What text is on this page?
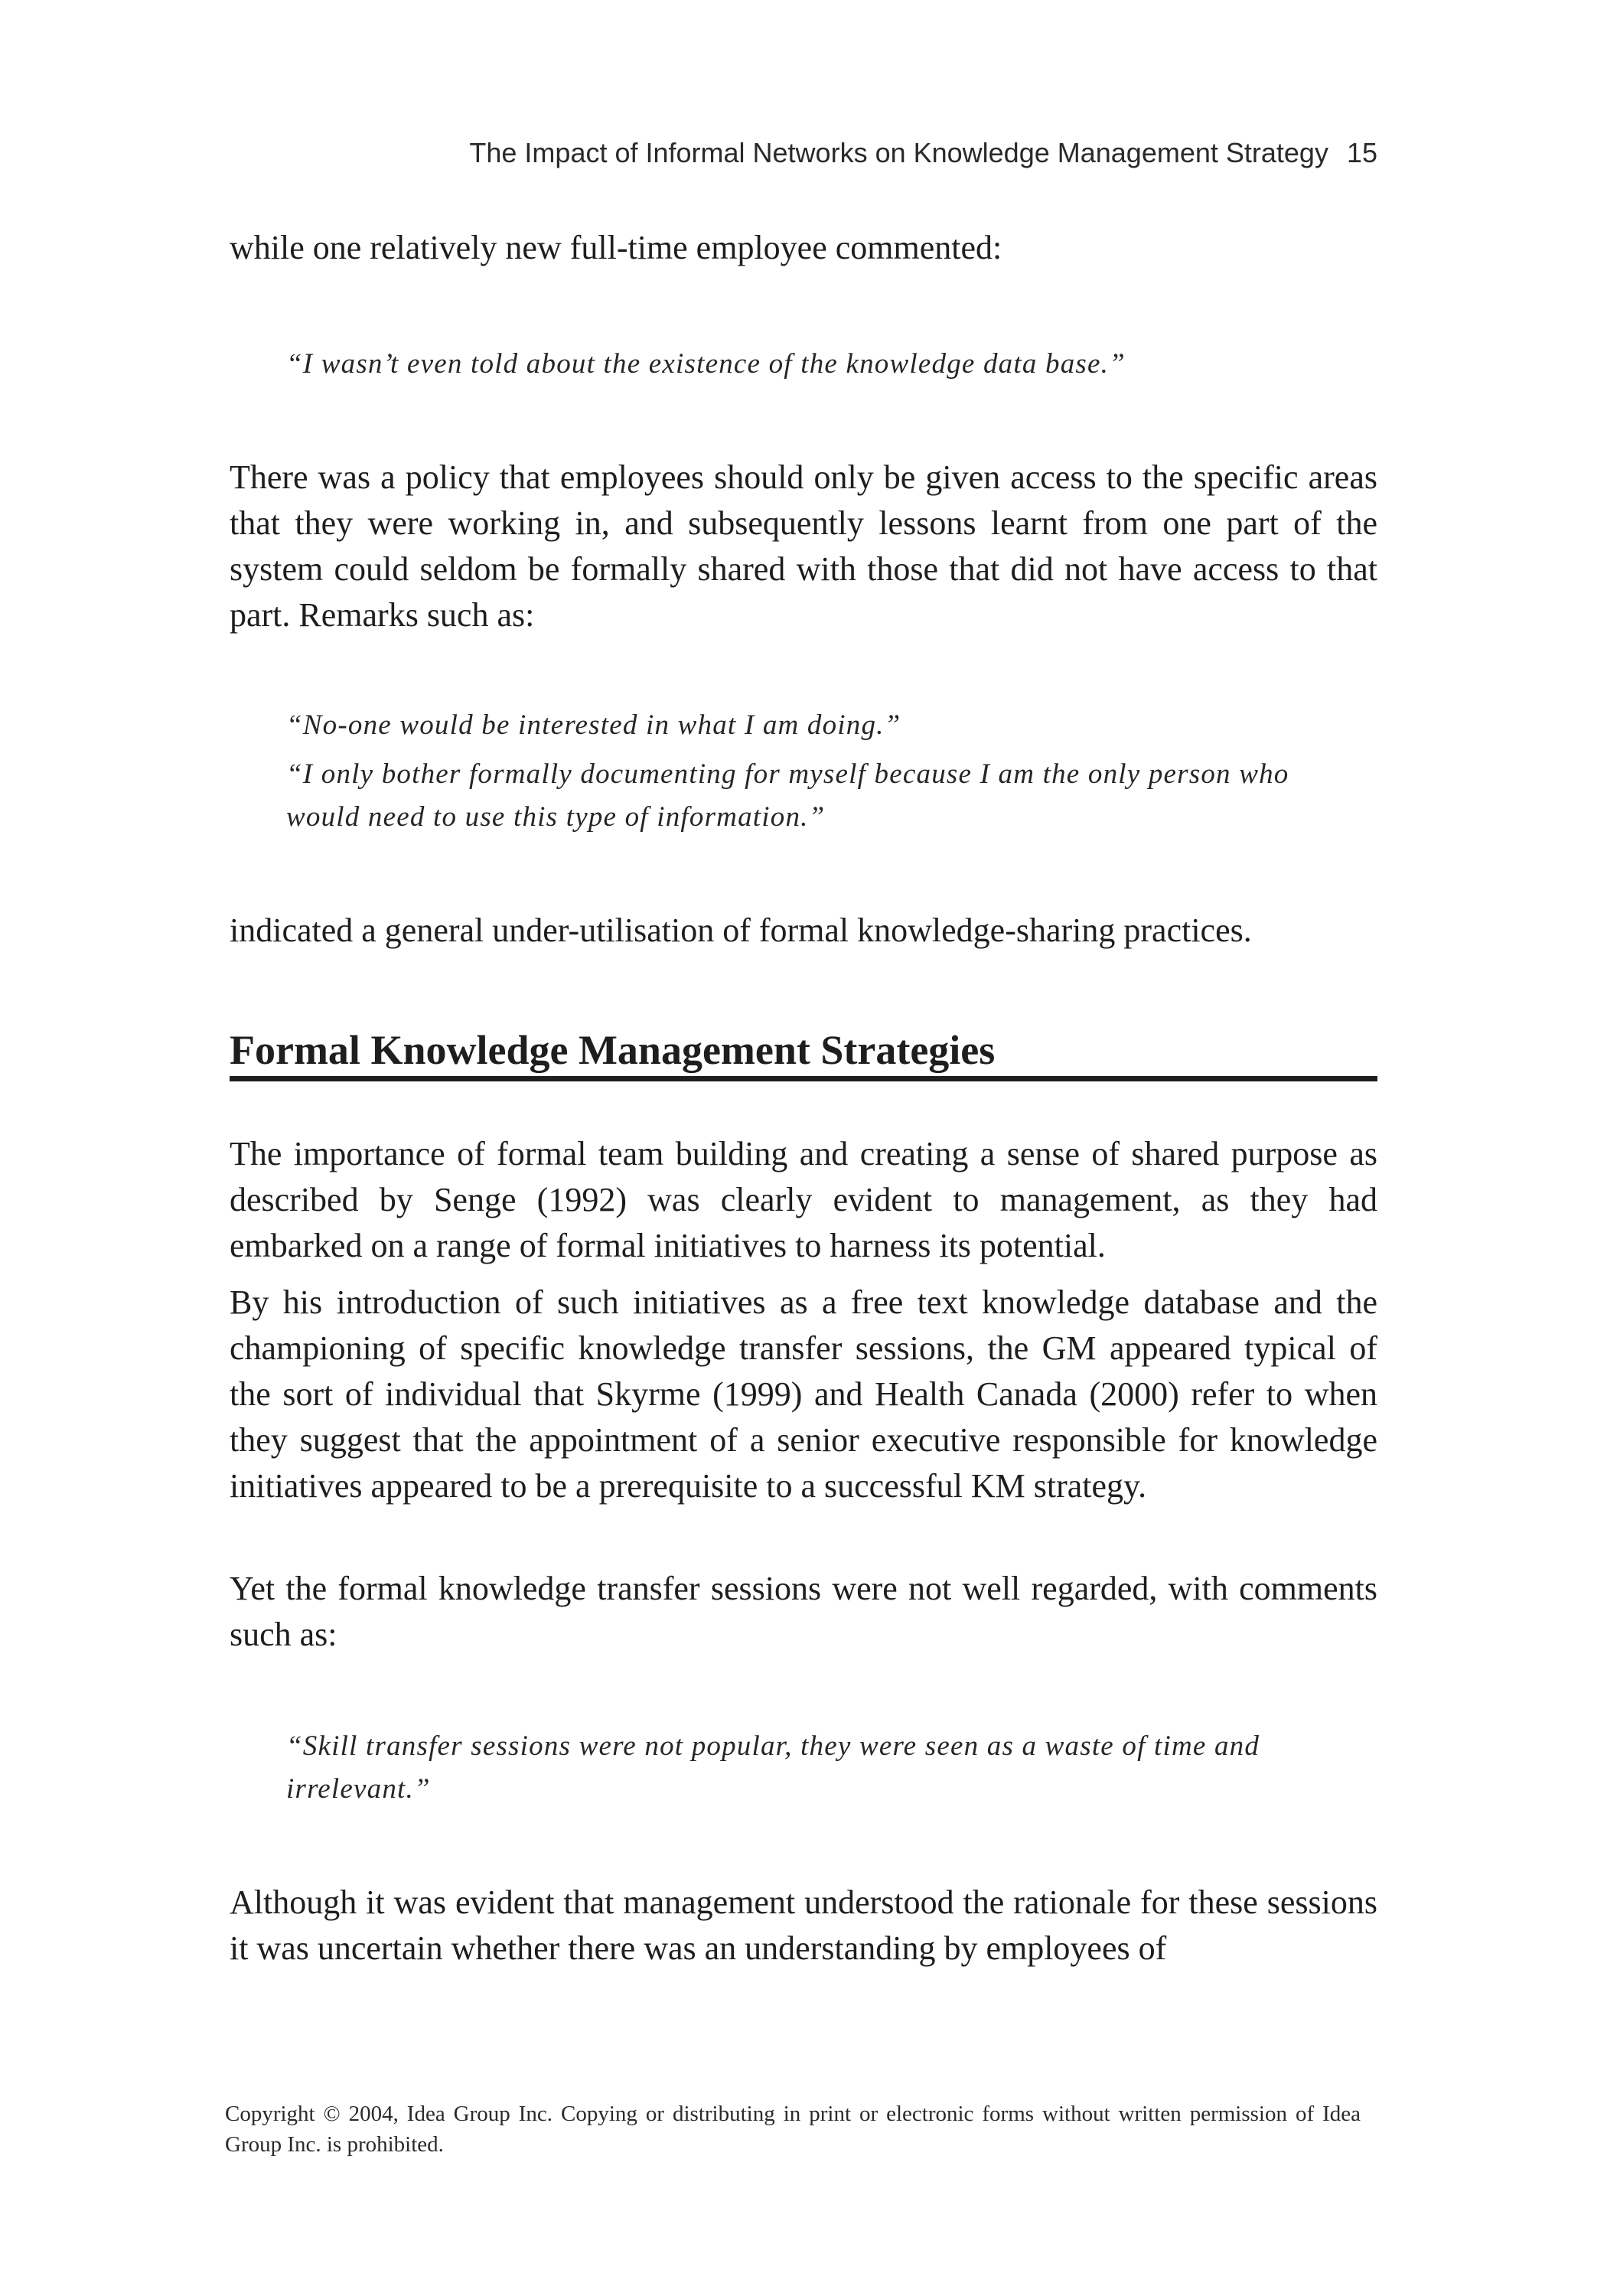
The Impact of Informal Networks on Knowledge Management Strategy 15

while one relatively new full-time employee commented:

“I wasn’t even told about the existence of the knowledge data base.”

There was a policy that employees should only be given access to the specific areas that they were working in, and subsequently lessons learnt from one part of the system could seldom be formally shared with those that did not have access to that part. Remarks such as:

“No-one would be interested in what I am doing.”

“I only bother formally documenting for myself because I am the only person who would need to use this type of information.”

indicated a general under-utilisation of formal knowledge-sharing practices.

Formal Knowledge Management Strategies

The importance of formal team building and creating a sense of shared purpose as described by Senge (1992) was clearly evident to management, as they had embarked on a range of formal initiatives to harness its potential.

By his introduction of such initiatives as a free text knowledge database and the championing of specific knowledge transfer sessions, the GM appeared typical of the sort of individual that Skyrme (1999) and Health Canada (2000) refer to when they suggest that the appointment of a senior executive responsible for knowledge initiatives appeared to be a prerequisite to a successful KM strategy.

Yet the formal knowledge transfer sessions were not well regarded, with comments such as:

“Skill transfer sessions were not popular, they were seen as a waste of time and irrelevant.”

Although it was evident that management understood the rationale for these sessions it was uncertain whether there was an understanding by employees of

Copyright © 2004, Idea Group Inc. Copying or distributing in print or electronic forms without written permission of Idea Group Inc. is prohibited.
